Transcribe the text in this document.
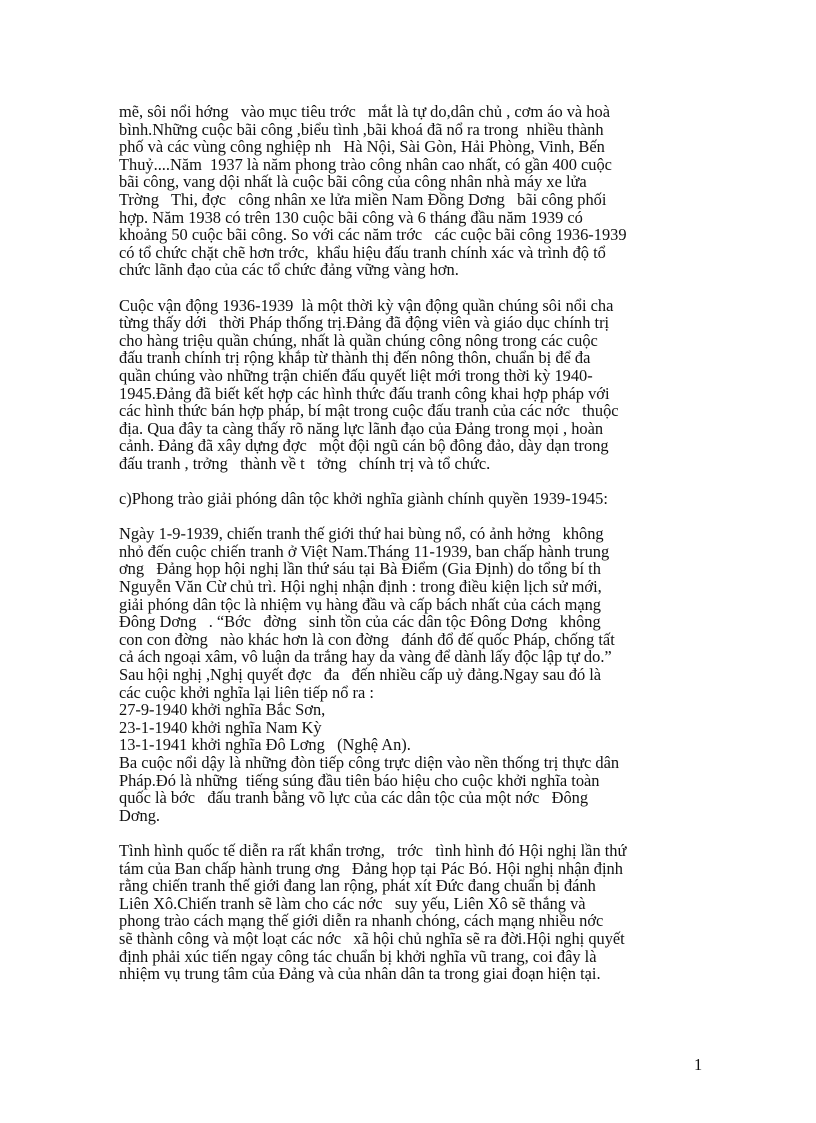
mẽ, sôi nổi hớng   vào mục tiêu trớc   mắt là tự do,dân chủ , cơm áo và hoà
bình.Những cuộc bãi công ,biểu tình ,bãi khoá đã nổ ra trong  nhiều thành
phố và các vùng công nghiệp nh   Hà Nội, Sài Gòn, Hải Phòng, Vinh, Bến
Thuỷ....Năm  1937 là năm phong trào công nhân cao nhất, có gần 400 cuộc
bãi công, vang dội nhất là cuộc bãi công của công nhân nhà máy xe lửa
Trờng   Thi, đợc   công nhân xe lửa miền Nam Đồng Dơng   bãi công phối
hợp. Năm 1938 có trên 130 cuộc bãi công và 6 tháng đầu năm 1939 có
khoảng 50 cuộc bãi công. So với các năm trớc   các cuộc bãi công 1936-1939
có tổ chức chặt chẽ hơn trớc,  khẩu hiệu đấu tranh chính xác và trình độ tổ
chức lãnh đạo của các tổ chức đảng vững vàng hơn.
Cuộc vận động 1936-1939  là một thời kỳ vận động quần chúng sôi nổi cha
từng thấy dới   thời Pháp thống trị.Đảng đã động viên và giáo dục chính trị
cho hàng triệu quần chúng, nhất là quần chúng công nông trong các cuộc
đấu tranh chính trị rộng khắp từ thành thị đến nông thôn, chuẩn bị để đa
quần chúng vào những trận chiến đấu quyết liệt mới trong thời kỳ 1940-
1945.Đảng đã biết kết hợp các hình thức đấu tranh công khai hợp pháp với
các hình thức bán hợp pháp, bí mật trong cuộc đấu tranh của các nớc   thuộc
địa. Qua đây ta càng thấy rõ năng lực lãnh đạo của Đảng trong mọi , hoàn
cảnh. Đảng đã xây dựng đợc   một đội ngũ cán bộ đông đảo, dày dạn trong
đấu tranh , trởng   thành về t   tởng   chính trị và tổ chức.
c)Phong trào giải phóng dân tộc khởi nghĩa giành chính quyền 1939-1945:
Ngày 1-9-1939, chiến tranh thế giới thứ hai bùng nổ, có ảnh hởng   không
nhỏ đến cuộc chiến tranh ở Việt Nam.Tháng 11-1939, ban chấp hành trung
ơng   Đảng họp hội nghị lần thứ sáu tại Bà Điểm (Gia Định) do tổng bí th
Nguyễn Văn Cừ chủ trì. Hội nghị nhận định : trong điều kiện lịch sử mới,
giải phóng dân tộc là nhiệm vụ hàng đầu và cấp bách nhất của cách mạng
Đông Dơng   . “Bớc   đờng   sinh tồn của các dân tộc Đông Dơng   không
con con đờng   nào khác hơn là con đờng   đánh đổ đế quốc Pháp, chống tất
cả ách ngoại xâm, vô luận da trắng hay da vàng để dành lấy độc lập tự do.”
Sau hội nghị ,Nghị quyết đợc   đa   đến nhiều cấp uỷ đảng.Ngay sau đó là
các cuộc khởi nghĩa lại liên tiếp nổ ra :
27-9-1940 khởi nghĩa Bắc Sơn,
23-1-1940 khởi nghĩa Nam Kỳ
13-1-1941 khởi nghĩa Đô Lơng   (Nghệ An).
Ba cuộc nổi dậy là những đòn tiếp công trực diện vào nền thống trị thực dân
Pháp.Đó là những  tiếng súng đầu tiên báo hiệu cho cuộc khởi nghĩa toàn
quốc là bớc   đấu tranh bằng võ lực của các dân tộc của một nớc   Đông
Dơng.
Tình hình quốc tế diễn ra rất khẩn trơng,   trớc   tình hình đó Hội nghị lần thứ
tám của Ban chấp hành trung ơng   Đảng họp tại Pác Bó. Hội nghị nhận định
rằng chiến tranh thế giới đang lan rộng, phát xít Đức đang chuẩn bị đánh
Liên Xô.Chiến tranh sẽ làm cho các nớc   suy yếu, Liên Xô sẽ thắng và
phong trào cách mạng thế giới diễn ra nhanh chóng, cách mạng nhiều nớc
sẽ thành công và một loạt các nớc   xã hội chủ nghĩa sẽ ra đời.Hội nghị quyết
định phải xúc tiến ngay công tác chuẩn bị khởi nghĩa vũ trang, coi đây là
nhiệm vụ trung tâm của Đảng và của nhân dân ta trong giai đoạn hiện tại.
1
